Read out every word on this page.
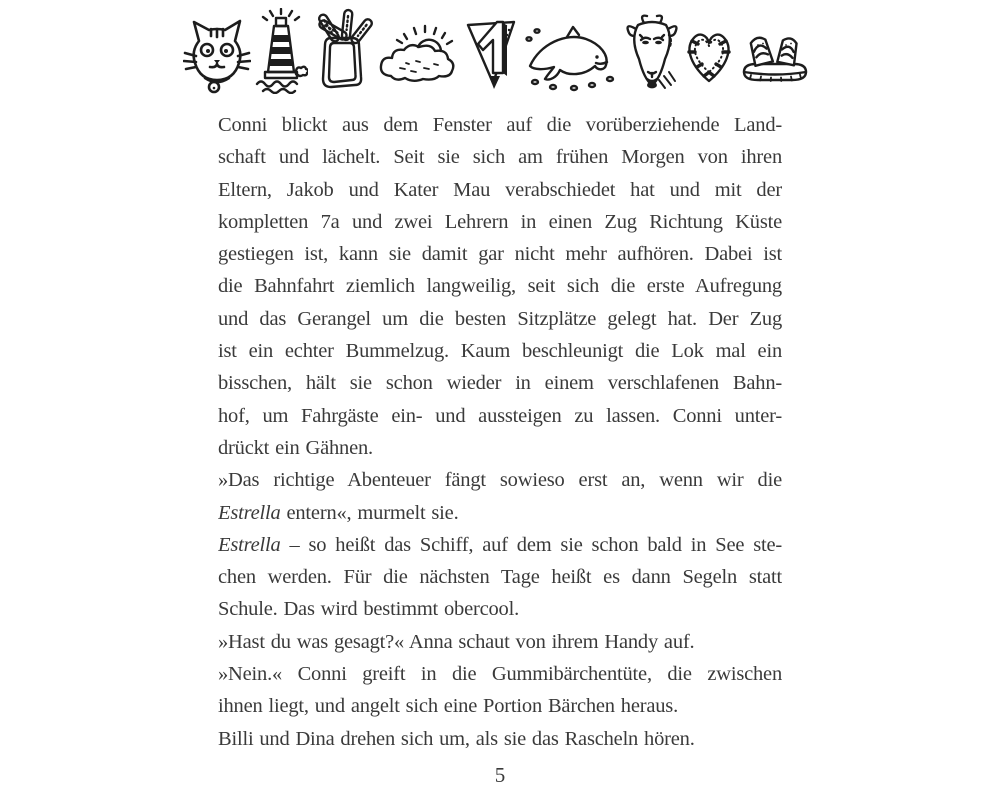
Conni blickt aus dem Fenster auf die vorüberziehende Land-
schaft und lächelt. Seit sie sich am frühen Morgen von ihren
Eltern, Jakob und Kater Mau verabschiedet hat und mit der
kompletten 7a und zwei Lehrern in einen Zug Richtung Küste
gestiegen ist, kann sie damit gar nicht mehr aufhören. Dabei ist
die Bahnfahrt ziemlich langweilig, seit sich die erste Aufregung
und das Gerangel um die besten Sitzplätze gelegt hat. Der Zug
ist ein echter Bummelzug. Kaum beschleunigt die Lok mal ein
bisschen, hält sie schon wieder in einem verschlafenen Bahn-
hof, um Fahrgäste ein- und aussteigen zu lassen. Conni unter-
drückt ein Gähnen.
»Das richtige Abenteuer fängt sowieso erst an, wenn wir die
Estrella entern«, murmelt sie.
Estrella – so heißt das Schiff, auf dem sie schon bald in See ste-
chen werden. Für die nächsten Tage heißt es dann Segeln statt
Schule. Das wird bestimmt obercool.
»Hast du was gesagt?« Anna schaut von ihrem Handy auf.
»Nein.« Conni greift in die Gummibärchentüte, die zwischen
ihnen liegt, und angelt sich eine Portion Bärchen heraus.
Billi und Dina drehen sich um, als sie das Rascheln hören.
5
